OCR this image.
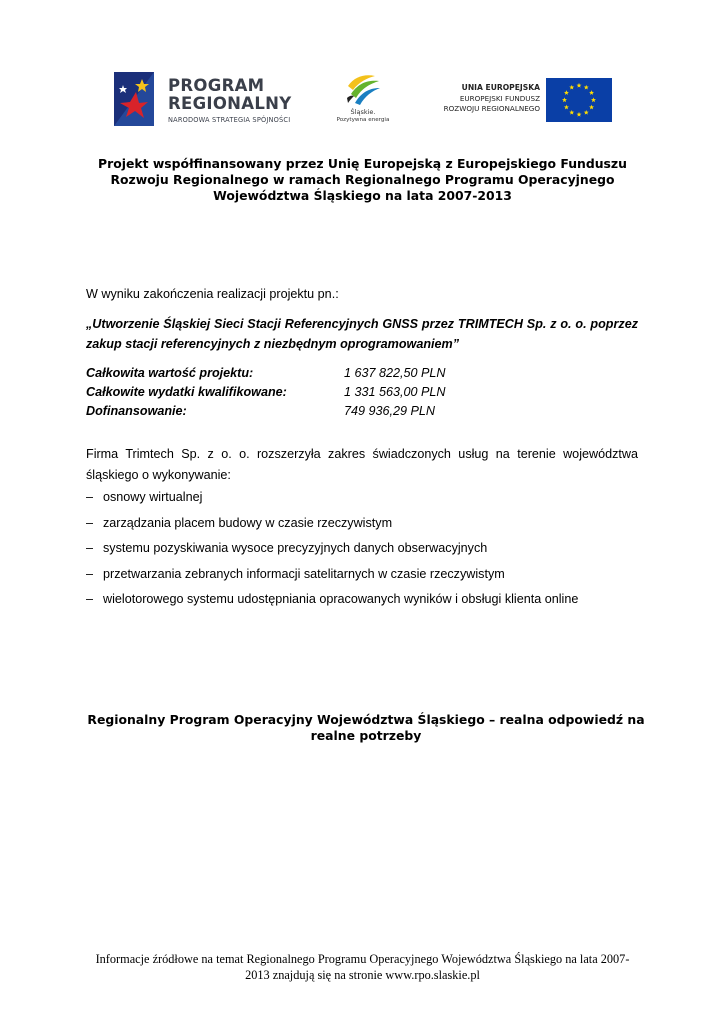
PROGRAM
REGIONALNY
NARODOWA STRATEGIA SPÓJNOŚCI
Śląskie.
Pozytywna energia
UNIA EUROPEJSKA
EUROPEJSKI FUNDUSZ
ROZWOJU REGIONALNEGO
Projekt współfinansowany przez Unię Europejską z Europejskiego Funduszu Rozwoju Regionalnego w ramach Regionalnego Programu Operacyjnego Województwa Śląskiego na lata 2007-2013
W wyniku zakończenia realizacji projektu pn.:
„Utworzenie Śląskiej Sieci Stacji Referencyjnych GNSS przez TRIMTECH Sp. z o. o. poprzez zakup stacji referencyjnych z niezbędnym oprogramowaniem”
Całkowita wartość projektu:	1 637 822,50 PLN
Całkowite wydatki kwalifikowane:	1 331 563,00 PLN
Dofinansowanie:	749 936,29 PLN
Firma Trimtech Sp. z o. o. rozszerzyła zakres świadczonych usług na terenie województwa śląskiego o wykonywanie:
– osnowy wirtualnej
– zarządzania placem budowy w czasie rzeczywistym
– systemu pozyskiwania wysoce precyzyjnych danych obserwacyjnych
– przetwarzania zebranych informacji satelitarnych w czasie rzeczywistym
– wielotorowego systemu udostępniania opracowanych wyników i obsługi klienta online
Regionalny Program Operacyjny Województwa Śląskiego – realna odpowiedź na realne potrzeby
Informacje źródłowe na temat Regionalnego Programu Operacyjnego Województwa Śląskiego na lata 2007-2013 znajdują się na stronie www.rpo.slaskie.pl
